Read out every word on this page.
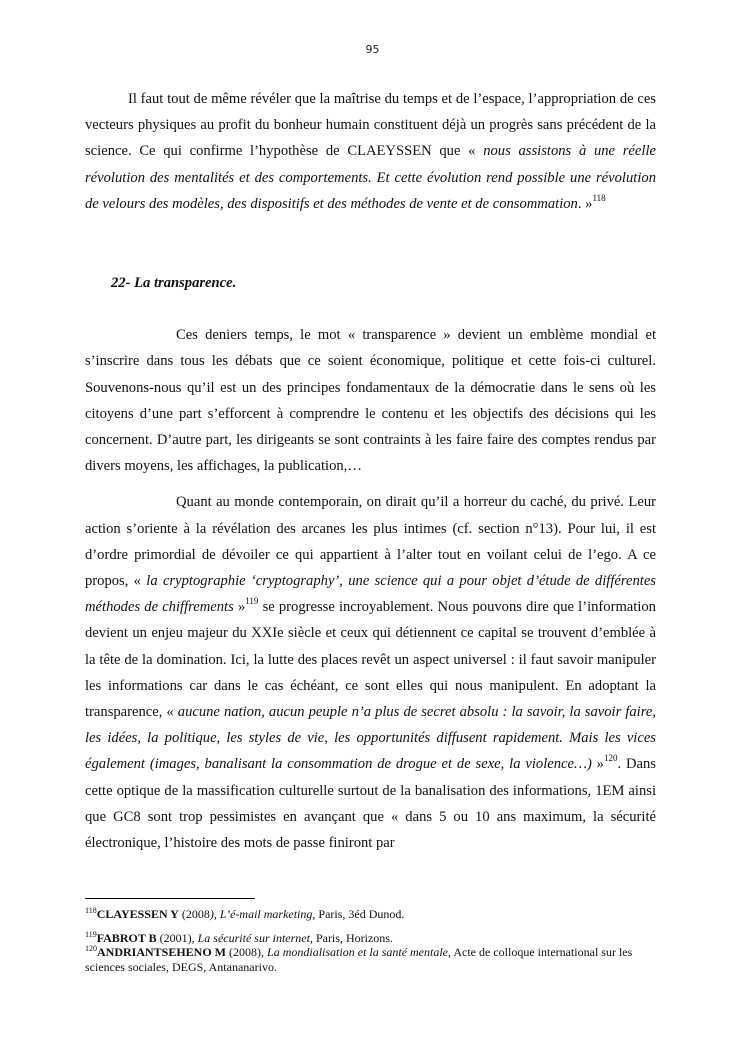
95

Il faut tout de même révéler que la maîtrise du temps et de l’espace, l’appropriation de ces vecteurs physiques au profit du bonheur humain constituent déjà un progrès sans précédent de la science. Ce qui confirme l’hypothèse de CLAEYSSEN que « nous assistons à une réelle révolution des mentalités et des comportements. Et cette évolution rend possible une révolution de velours des modèles, des dispositifs et des méthodes de vente et de consommation. »$^{118}$

22- La transparence.

Ces deniers temps, le mot « transparence » devient un emblème mondial et s’inscrire dans tous les débats que ce soient économique, politique et cette fois-ci culturel. Souvenons-nous qu’il est un des principes fondamentaux de la démocratie dans le sens où les citoyens d’une part s’efforcent à comprendre le contenu et les objectifs des décisions qui les concernent. D’autre part, les dirigeants se sont contraints à les faire faire des comptes rendus par divers moyens, les affichages, la publication,…

Quant au monde contemporain, on dirait qu’il a horreur du caché, du privé. Leur action s’oriente à la révélation des arcanes les plus intimes (cf. section n°13). Pour lui, il est d’ordre primordial de dévoiler ce qui appartient à l’alter tout en voilant celui de l’ego. A ce propos, « la cryptographie ‘cryptography’, une science qui a pour objet d’étude de différentes méthodes de chiffrements »$^{119}$ se progresse incroyablement. Nous pouvons dire que l’information devient un enjeu majeur du XXIe siècle et ceux qui détiennent ce capital se trouvent d’emblée à la tête de la domination. Ici, la lutte des places revêt un aspect universel : il faut savoir manipuler les informations car dans le cas échéant, ce sont elles qui nous manipulent. En adoptant la transparence, « aucune nation, aucun peuple n’a plus de secret absolu : la savoir, la savoir faire, les idées, la politique, les styles de vie, les opportunités diffusent rapidement. Mais les vices également (images, banalisant la consommation de drogue et de sexe, la violence…) »$^{120}$. Dans cette optique de la massification culturelle surtout de la banalisation des informations, 1EM ainsi que GC8 sont trop pessimistes en avançant que « dans 5 ou 10 ans maximum, la sécurité électronique, l’histoire des mots de passe finiront par

$^{118}$CLAYESSEN Y (2008), L’é-mail marketing, Paris, 3éd Dunod.

$^{119}$FABROT B (2001), La sécurité sur internet, Paris, Horizons.

$^{120}$ANDRIANTSEHENO M (2008), La mondialisation et la santé mentale, Acte de colloque international sur les sciences sociales, DEGS, Antananarivo.
